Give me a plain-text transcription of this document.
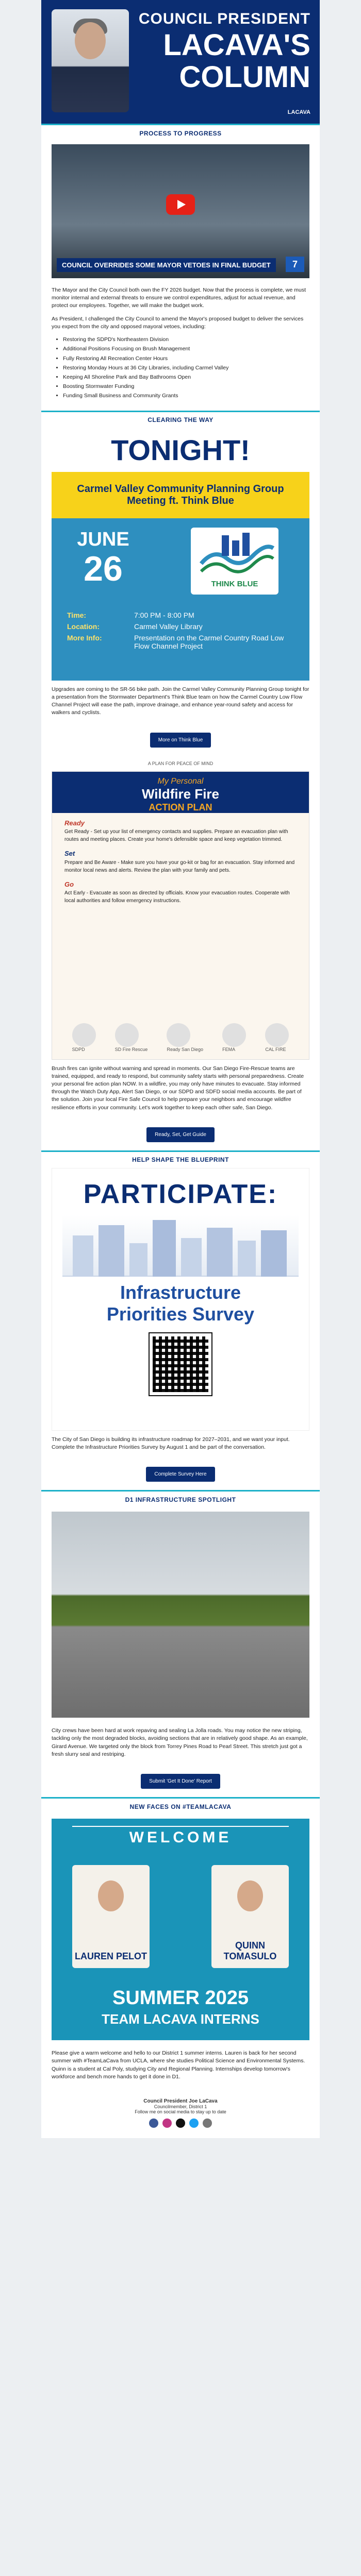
COUNCIL PRESIDENT
LACAVA'S
COLUMN
LACAVA
PROCESS TO PROGRESS
COUNCIL OVERRIDES SOME MAYOR VETOES IN FINAL BUDGET	7

The Mayor and the City Council both own the FY 2026 budget. Now that the process is complete, we must monitor internal and external threats to ensure we control expenditures, adjust for actual revenue, and protect our employees. Together, we will make the budget work.

As President, I challenged the City Council to amend the Mayor's proposed budget to deliver the services you expect from the city and opposed mayoral vetoes, including:

• Restoring the SDPD's Northeastern Division
• Additional Positions Focusing on Brush Management
• Fully Restoring All Recreation Center Hours
• Restoring Monday Hours at 36 City Libraries, including Carmel Valley
• Keeping All Shoreline Park and Bay Bathrooms Open
• Boosting Stormwater Funding
• Funding Small Business and Community Grants
CLEARING THE WAY
TONIGHT!
Carmel Valley Community Planning Group Meeting ft. Think Blue
JUNE
26	THINK BLUE
Time:	7:00 PM - 8:00 PM
Location:	Carmel Valley Library
More Info:	Presentation on the Carmel Country Road Low Flow Channel Project

Upgrades are coming to the SR-56 bike path. Join the Carmel Valley Community Planning Group tonight for a presentation from the Stormwater Department's Think Blue team on how the Carmel Country Low Flow Channel Project will ease the path, improve drainage, and enhance year-round safety and access for walkers and cyclists.

More on Think Blue
A PLAN FOR PEACE OF MIND
My Personal
Wildfire Fire
ACTION PLAN
Ready
Get Ready - Set up your list of emergency contacts and supplies. Prepare an evacuation plan with routes and meeting places. Create your home's defensible space and keep vegetation trimmed.
Set
Prepare and Be Aware - Make sure you have your go-kit or bag for an evacuation. Stay informed and monitor local news and alerts. Review the plan with your family and pets.
Go
Act Early - Evacuate as soon as directed by officials. Know your evacuation routes. Cooperate with local authorities and follow emergency instructions.
SDPD	SD Fire Rescue	Ready San Diego	FEMA	CAL FIRE

Brush fires can ignite without warning and spread in moments. Our San Diego Fire-Rescue teams are trained, equipped, and ready to respond, but community safety starts with personal preparedness. Create your personal fire action plan NOW. In a wildfire, you may only have minutes to evacuate. Stay informed through the Watch Duty App, Alert San Diego, or our SDPD and SDFD social media accounts. Be part of the solution. Join your local Fire Safe Council to help prepare your neighbors and encourage wildfire resilience efforts in your community. Let's work together to keep each other safe, San Diego.

Ready, Set, Get Guide
HELP SHAPE THE BLUEPRINT
PARTICIPATE:
Infrastructure
Priorities Survey

The City of San Diego is building its infrastructure roadmap for 2027–2031, and we want your input. Complete the Infrastructure Priorities Survey by August 1 and be part of the conversation.

Complete Survey Here
D1 INFRASTRUCTURE SPOTLIGHT

City crews have been hard at work repaving and sealing La Jolla roads. You may notice the new striping, tackling only the most degraded blocks, avoiding sections that are in relatively good shape. As an example, Girard Avenue. We targeted only the block from Torrey Pines Road to Pearl Street. This stretch just got a fresh slurry seal and restriping.

Submit 'Get It Done' Report
NEW FACES ON #TEAMLACAVA
WELCOME
LAUREN PELOT
QUINN TOMASULO
SUMMER 2025
TEAM LACAVA INTERNS

Please give a warm welcome and hello to our District 1 summer interns. Lauren is back for her second summer with #TeamLaCava from UCLA, where she studies Political Science and Environmental Systems. Quinn is a student at Cal Poly, studying City and Regional Planning. Internships develop tomorrow's workforce and bench more hands to get it done in D1.

Council President Joe LaCava
Councilmember, District 1
Follow me on social media to stay up to date
